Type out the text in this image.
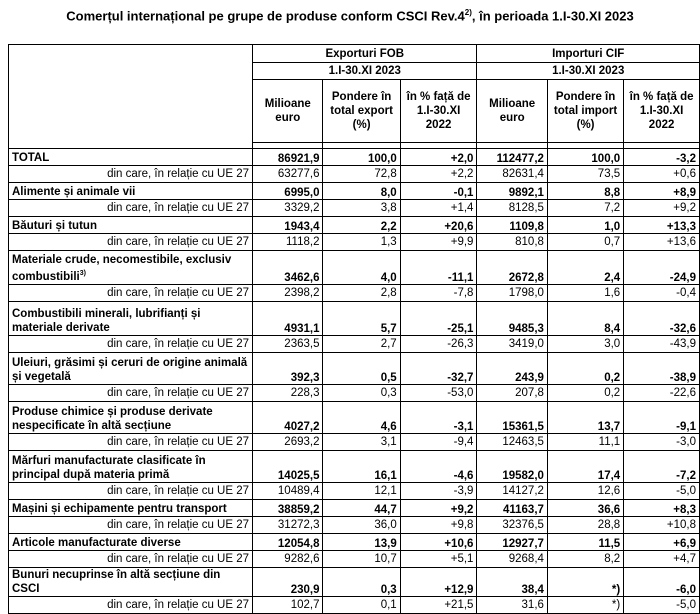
Comerțul internațional pe grupe de produse conform CSCI Rev.4$^{2)}$, în perioada 1.I-30.XI 2023
	Exporturi FOB			Importuri CIF		
	1.I-30.XI 2023			1.I-30.XI 2023		
	Milioane euro	Pondere în total export (%)	în % față de 1.I-30.XI 2022	Milioane euro	Pondere în total import (%)	în % față de 1.I-30.XI 2022

TOTAL	86921,9	100,0	+2,0	112477,2	100,0	-3,2
din care, în relație cu UE 27	63277,6	72,8	+2,2	82631,4	73,5	+0,6
Alimente și animale vii	6995,0	8,0	-0,1	9892,1	8,8	+8,9
din care, în relație cu UE 27	3329,2	3,8	+1,4	8128,5	7,2	+9,2
Băuturi și tutun	1943,4	2,2	+20,6	1109,8	1,0	+13,3
din care, în relație cu UE 27	1118,2	1,3	+9,9	810,8	0,7	+13,6
Materiale crude, necomestibile, exclusiv combustibili$^{3)}$	3462,6	4,0	-11,1	2672,8	2,4	-24,9
din care, în relație cu UE 27	2398,2	2,8	-7,8	1798,0	1,6	-0,4
Combustibili minerali, lubrifianți și materiale derivate	4931,1	5,7	-25,1	9485,3	8,4	-32,6
din care, în relație cu UE 27	2363,5	2,7	-26,3	3419,0	3,0	-43,9
Uleiuri, grăsimi și ceruri de origine animală și vegetală	392,3	0,5	-32,7	243,9	0,2	-38,9
din care, în relație cu UE 27	228,3	0,3	-53,0	207,8	0,2	-22,6
Produse chimice și produse derivate nespecificate în altă secțiune	4027,2	4,6	-3,1	15361,5	13,7	-9,1
din care, în relație cu UE 27	2693,2	3,1	-9,4	12463,5	11,1	-3,0
Mărfuri manufacturate clasificate în principal după materia primă	14025,5	16,1	-4,6	19582,0	17,4	-7,2
din care, în relație cu UE 27	10489,4	12,1	-3,9	14127,2	12,6	-5,0
Mașini și echipamente pentru transport	38859,2	44,7	+9,2	41163,7	36,6	+8,3
din care, în relație cu UE 27	31272,3	36,0	+9,8	32376,5	28,8	+10,8
Articole manufacturate diverse	12054,8	13,9	+10,6	12927,7	11,5	+6,9
din care, în relație cu UE 27	9282,6	10,7	+5,1	9268,4	8,2	+4,7
Bunuri necuprinse în altă secțiune din CSCI	230,9	0,3	+12,9	38,4	*)	-6,0
din care, în relație cu UE 27	102,7	0,1	+21,5	31,6	*)	-5,0
